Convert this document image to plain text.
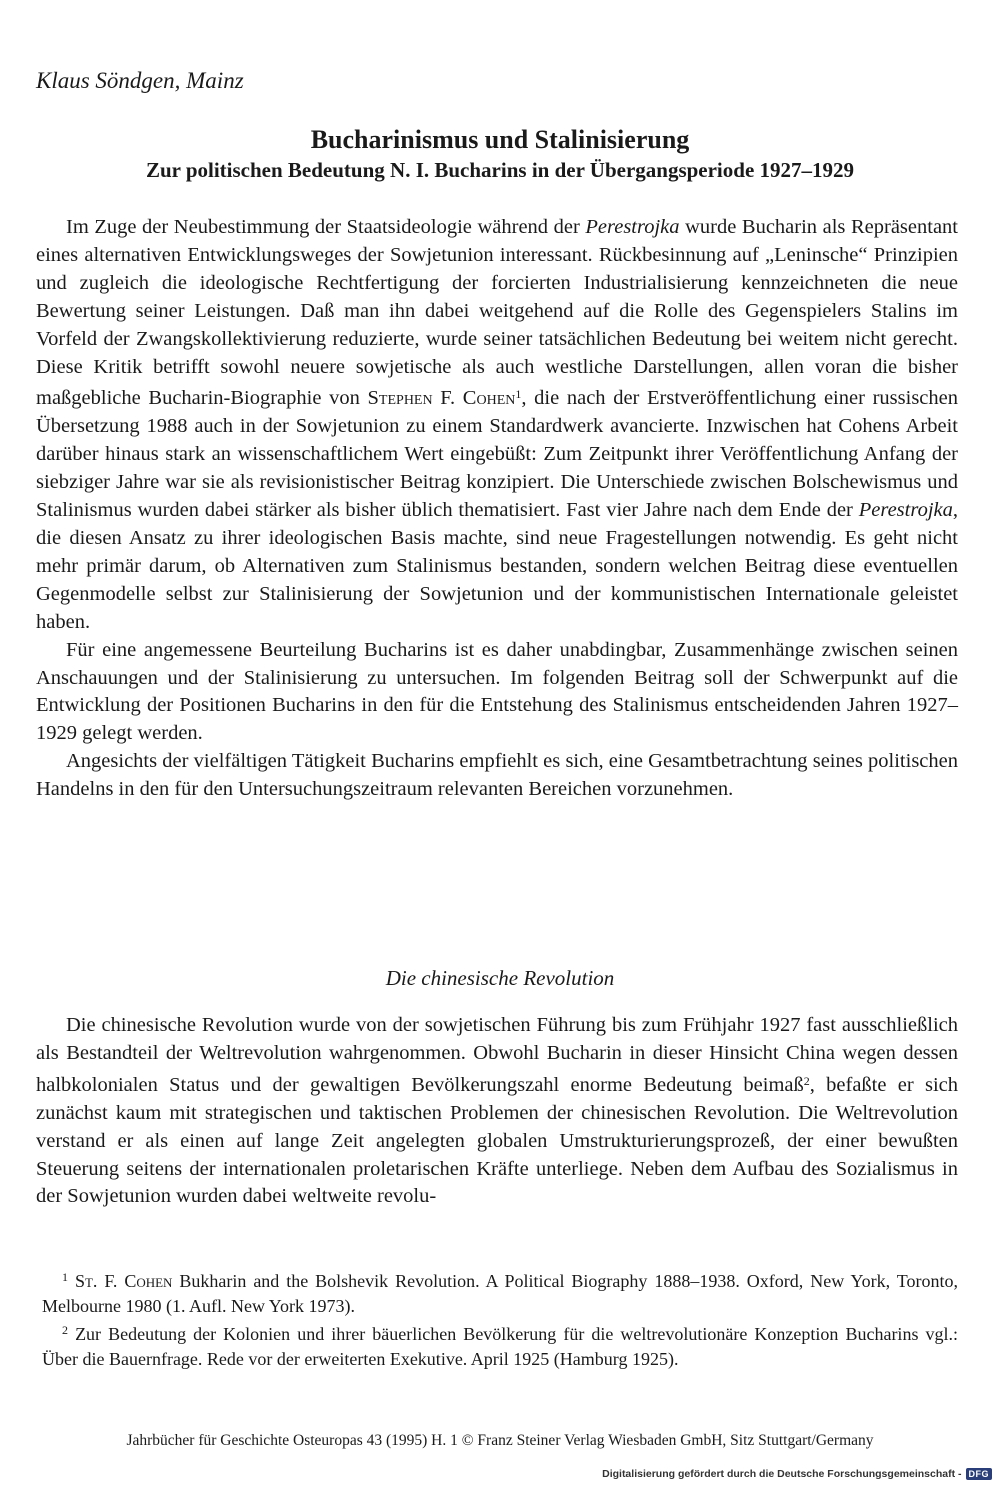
Klaus Söndgen, Mainz
Bucharinismus und Stalinisierung
Zur politischen Bedeutung N. I. Bucharins in der Übergangsperiode 1927–1929

Im Zuge der Neubestimmung der Staatsideologie während der Perestrojka wurde Bucharin als Repräsentant eines alternativen Entwicklungsweges der Sowjetunion interessant. Rückbesinnung auf „Leninsche“ Prinzipien und zugleich die ideologische Rechtfertigung der forcierten Industrialisierung kennzeichneten die neue Bewertung seiner Leistungen. Daß man ihn dabei weitgehend auf die Rolle des Gegenspielers Stalins im Vorfeld der Zwangskollektivierung reduzierte, wurde seiner tatsächlichen Bedeutung bei weitem nicht gerecht. Diese Kritik betrifft sowohl neuere sowjetische als auch westliche Darstellungen, allen voran die bisher maßgebliche Bucharin-Biographie von Stephen F. Cohen$^1$, die nach der Erstveröffentlichung einer russischen Übersetzung 1988 auch in der Sowjetunion zu einem Standardwerk avancierte. Inzwischen hat Cohens Arbeit darüber hinaus stark an wissenschaftlichem Wert eingebüßt: Zum Zeitpunkt ihrer Veröffentlichung Anfang der siebziger Jahre war sie als revisionistischer Beitrag konzipiert. Die Unterschiede zwischen Bolschewismus und Stalinismus wurden dabei stärker als bisher üblich thematisiert. Fast vier Jahre nach dem Ende der Perestrojka, die diesen Ansatz zu ihrer ideologischen Basis machte, sind neue Fragestellungen notwendig. Es geht nicht mehr primär darum, ob Alternativen zum Stalinismus bestanden, sondern welchen Beitrag diese eventuellen Gegenmodelle selbst zur Stalinisierung der Sowjetunion und der kommunistischen Internationale geleistet haben.

Für eine angemessene Beurteilung Bucharins ist es daher unabdingbar, Zusammenhänge zwischen seinen Anschauungen und der Stalinisierung zu untersuchen. Im folgenden Beitrag soll der Schwerpunkt auf die Entwicklung der Positionen Bucharins in den für die Entstehung des Stalinismus entscheidenden Jahren 1927–1929 gelegt werden.

Angesichts der vielfältigen Tätigkeit Bucharins empfiehlt es sich, eine Gesamtbetrachtung seines politischen Handelns in den für den Untersuchungszeitraum relevanten Bereichen vorzunehmen.

Die chinesische Revolution

Die chinesische Revolution wurde von der sowjetischen Führung bis zum Frühjahr 1927 fast ausschließlich als Bestandteil der Weltrevolution wahrgenommen. Obwohl Bucharin in dieser Hinsicht China wegen dessen halbkolonialen Status und der gewaltigen Bevölkerungszahl enorme Bedeutung beimaß$^2$, befaßte er sich zunächst kaum mit strategischen und taktischen Problemen der chinesischen Revolution. Die Weltrevolution verstand er als einen auf lange Zeit angelegten globalen Umstrukturierungsprozeß, der einer bewußten Steuerung seitens der internationalen proletarischen Kräfte unterliege. Neben dem Aufbau des Sozialismus in der Sowjetunion wurden dabei weltweite revolu-

$^1$ St. F. Cohen Bukharin and the Bolshevik Revolution. A Political Biography 1888–1938. Oxford, New York, Toronto, Melbourne 1980 (1. Aufl. New York 1973).

$^2$ Zur Bedeutung der Kolonien und ihrer bäuerlichen Bevölkerung für die weltrevolutionäre Konzeption Bucharins vgl.: Über die Bauernfrage. Rede vor der erweiterten Exekutive. April 1925 (Hamburg 1925).

Jahrbücher für Geschichte Osteuropas 43 (1995) H. 1 © Franz Steiner Verlag Wiesbaden GmbH, Sitz Stuttgart/Germany
Digitalisierung gefördert durch die Deutsche Forschungsgemeinschaft - DFG
